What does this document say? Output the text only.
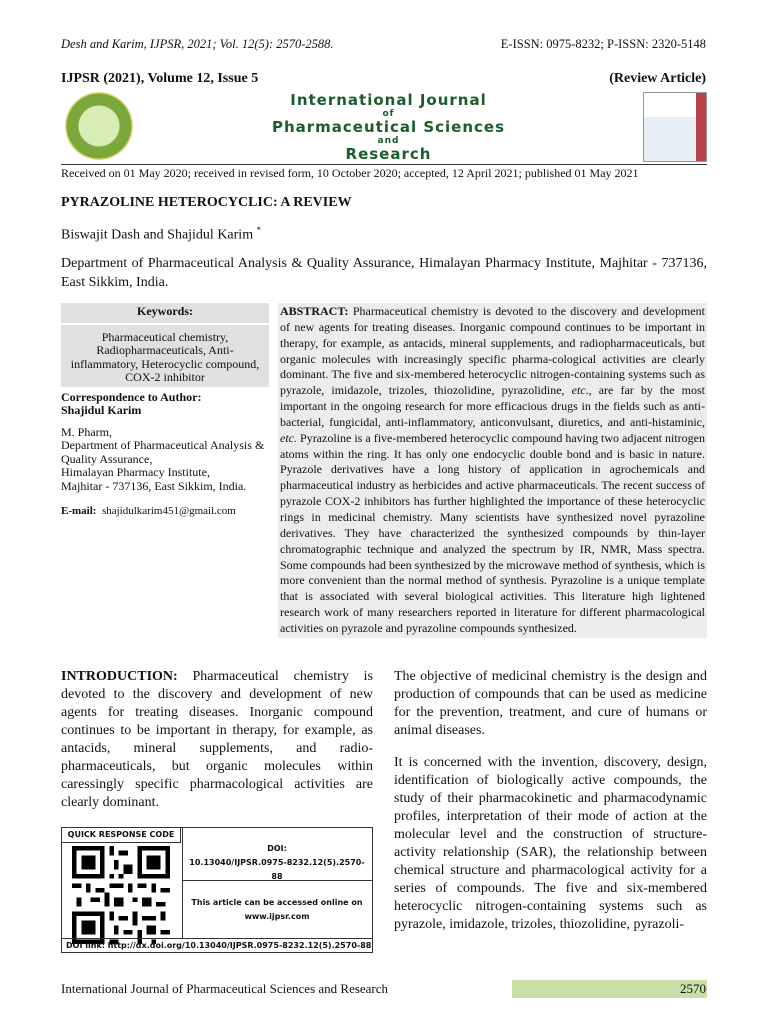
Desh and Karim, IJPSR, 2021; Vol. 12(5): 2570-2588.	E-ISSN: 0975-8232; P-ISSN: 2320-5148
IJPSR (2021), Volume 12, Issue 5	(Review Article)
International Journal
of
Pharmaceutical Sciences
and
Research
Received on 01 May 2020; received in revised form, 10 October 2020; accepted, 12 April 2021; published 01 May 2021
PYRAZOLINE HETEROCYCLIC: A REVIEW
Biswajit Dash and Shajidul Karim *
Department of Pharmaceutical Analysis & Quality Assurance, Himalayan Pharmacy Institute, Majhitar - 737136, East Sikkim, India.
Keywords:
Pharmaceutical chemistry, Radiopharmaceuticals, Anti-inflammatory, Heterocyclic compound, COX-2 inhibitor
Correspondence to Author:
Shajidul Karim
M. Pharm,
Department of Pharmaceutical Analysis & Quality Assurance,
Himalayan Pharmacy Institute,
Majhitar - 737136, East Sikkim, India.
E-mail: shajidulkarim451@gmail.com
ABSTRACT: Pharmaceutical chemistry is devoted to the discovery and development of new agents for treating diseases. Inorganic compound continues to be important in therapy, for example, as antacids, mineral supplements, and radiopharmaceuticals, but organic molecules with increasingly specific pharma-cological activities are clearly dominant. The five and six-membered heterocyclic nitrogen-containing systems such as pyrazole, imidazole, trizoles, thiozolidine, pyrazolidine, etc., are far by the most important in the ongoing research for more efficacious drugs in the fields such as anti-bacterial, fungicidal, anti-inflammatory, anticonvulsant, diuretics, and anti-histaminic, etc. Pyrazoline is a five-membered heterocyclic compound having two adjacent nitrogen atoms within the ring. It has only one endocyclic double bond and is basic in nature. Pyrazole derivatives have a long history of application in agrochemicals and pharmaceutical industry as herbicides and active pharmaceuticals. The recent success of pyrazole COX-2 inhibitors has further highlighted the importance of these heterocyclic rings in medicinal chemistry. Many scientists have synthesized novel pyrazoline derivatives. They have characterized the synthesized compounds by thin-layer chromatographic technique and analyzed the spectrum by IR, NMR, Mass spectra. Some compounds had been synthesized by the microwave method of synthesis, which is more convenient than the normal method of synthesis. Pyrazoline is a unique template that is associated with several biological activities. This literature high lightened research work of many researchers reported in literature for different pharmacological activities on pyrazole and pyrazoline compounds synthesized.
INTRODUCTION: Pharmaceutical chemistry is devoted to the discovery and development of new agents for treating diseases. Inorganic compound continues to be important in therapy, for example, as antacids, mineral supplements, and radio-pharmaceuticals, but organic molecules within caressingly specific pharmacological activities are clearly dominant.
QUICK RESPONSE CODE
DOI:
10.13040/IJPSR.0975-8232.12(5).2570-88
This article can be accessed online on
www.ijpsr.com
DOI link: http://dx.doi.org/10.13040/IJPSR.0975-8232.12(5).2570-88

The objective of medicinal chemistry is the design and production of compounds that can be used as medicine for the prevention, treatment, and cure of humans or animal diseases.

It is concerned with the invention, discovery, design, identification of biologically active compounds, the study of their pharmacokinetic and pharmacodynamic profiles, interpretation of their mode of action at the molecular level and the construction of structure-activity relationship (SAR), the relationship between chemical structure and pharmacological activity for a series of compounds. The five and six-membered heterocyclic nitrogen-containing systems such as pyrazole, imidazole, trizoles, thiozolidine, pyrazoli-

International Journal of Pharmaceutical Sciences and Research	2570
